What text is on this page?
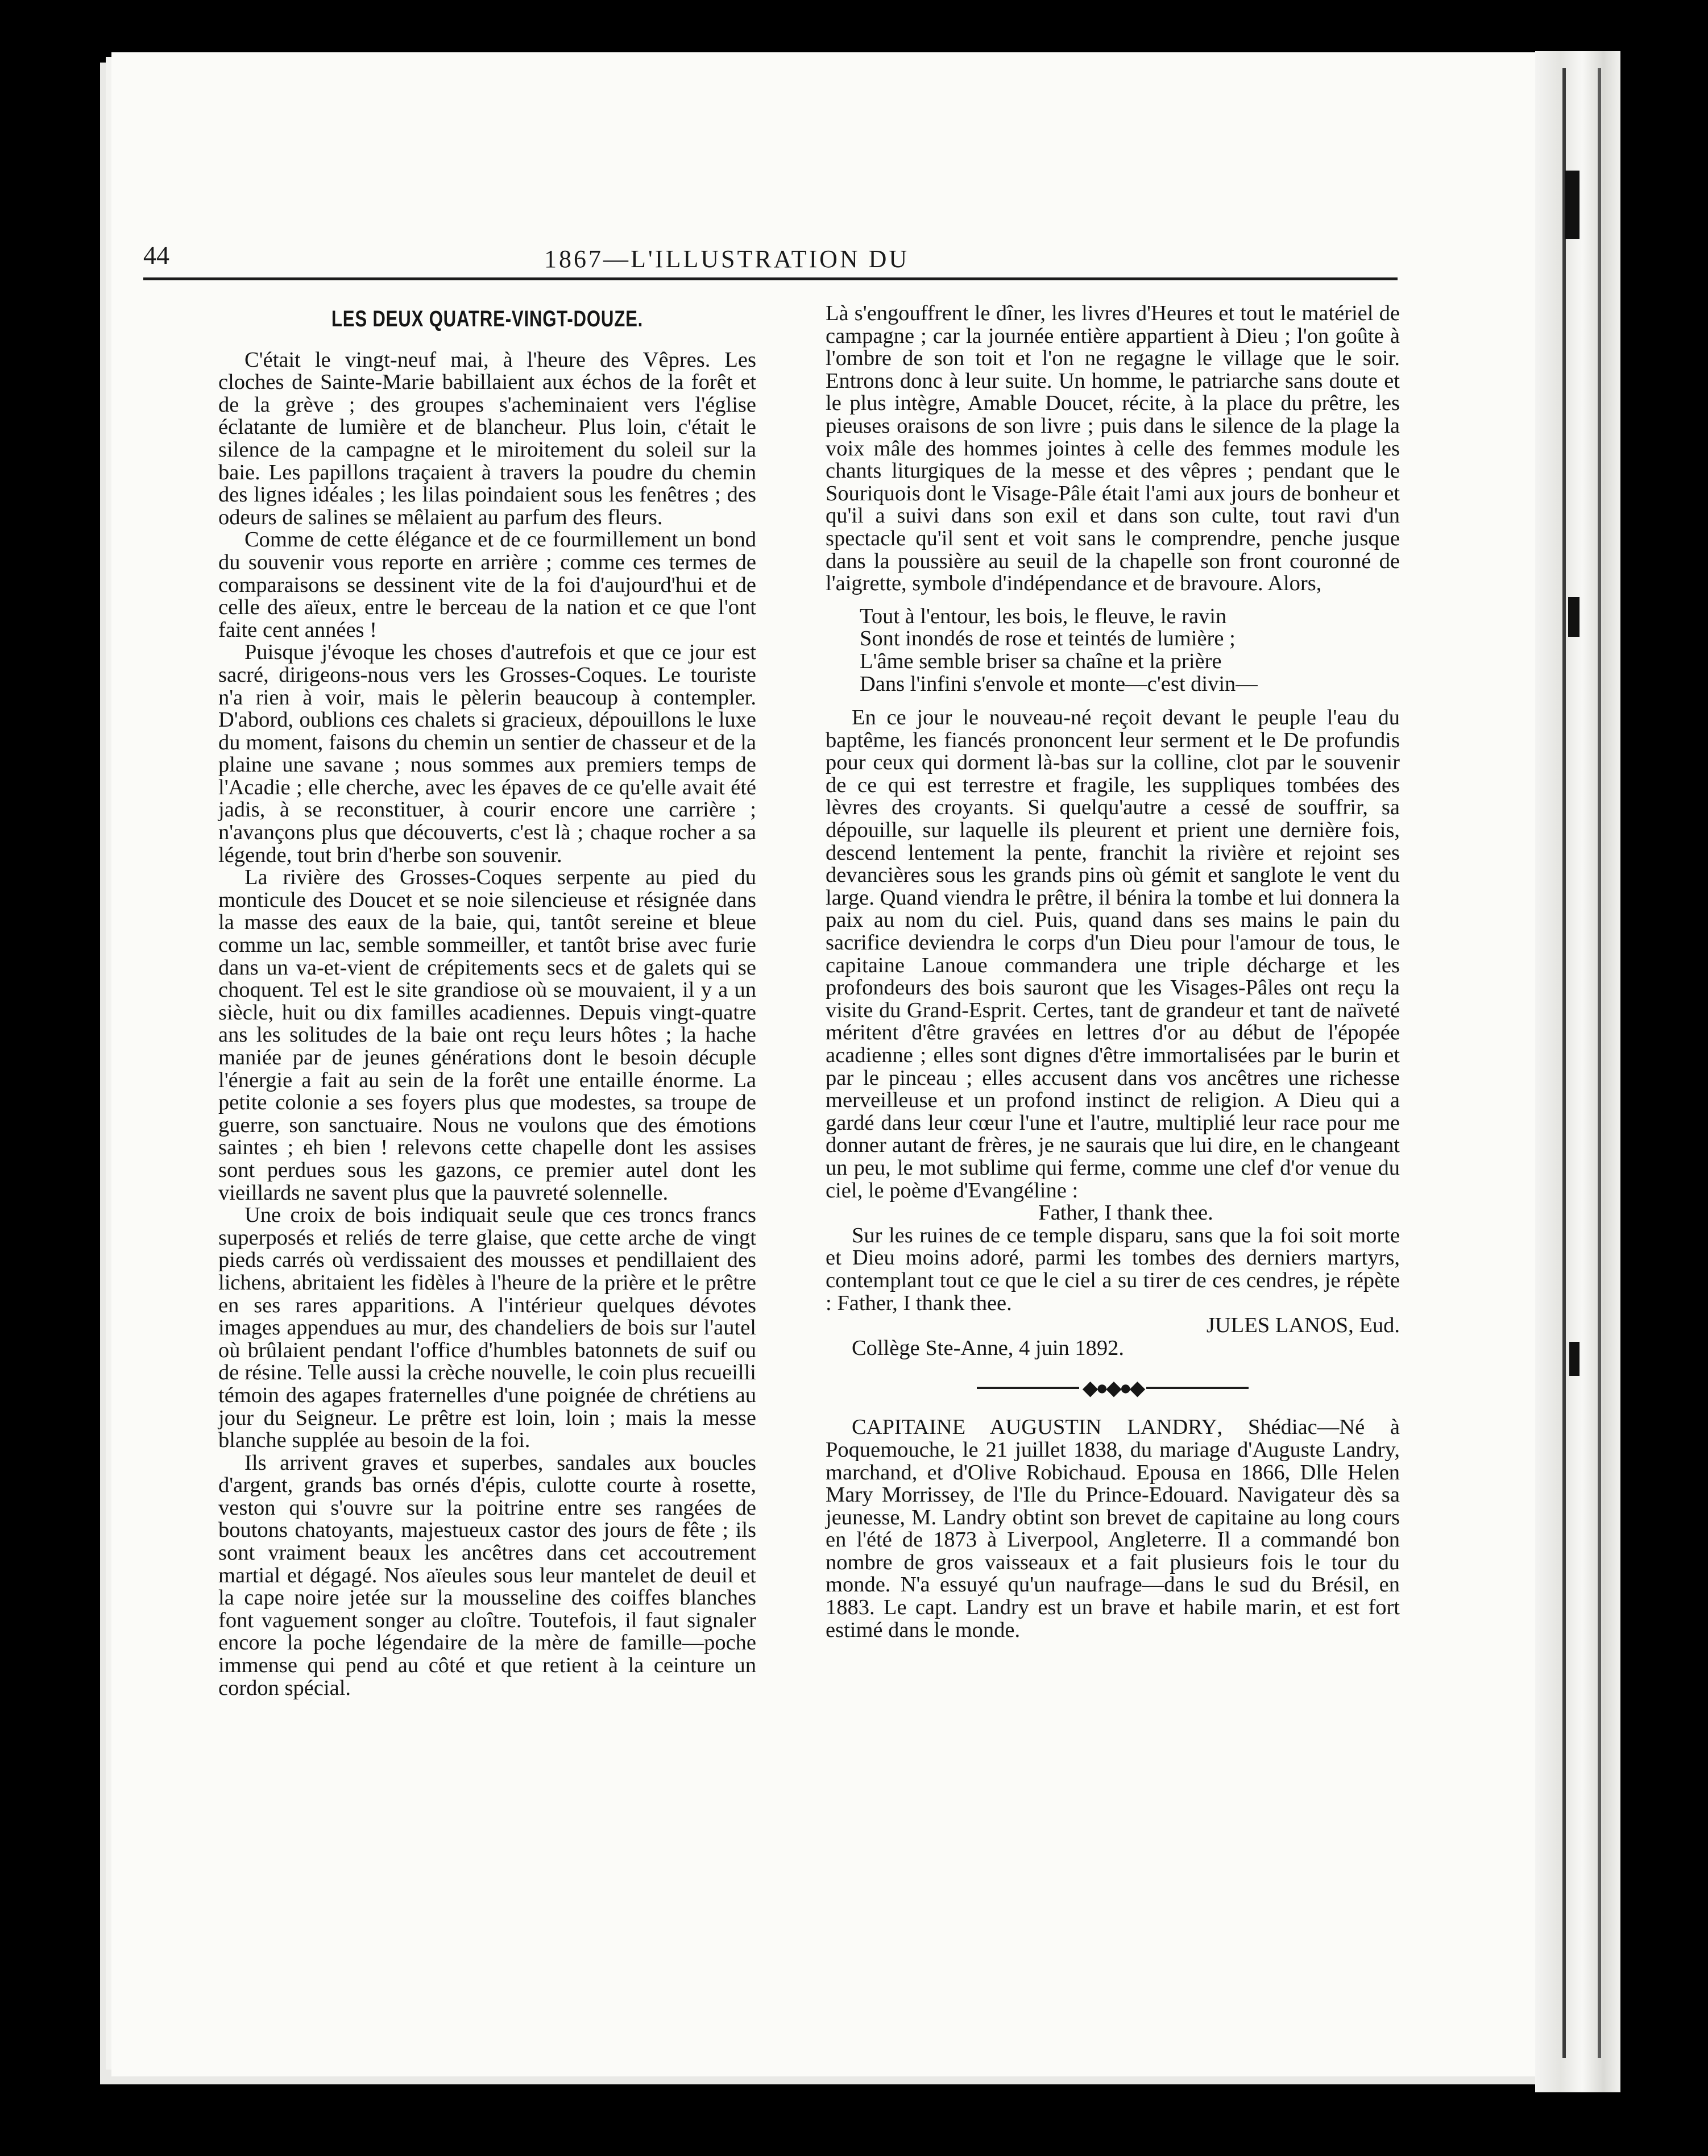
44	1867—L'ILLUSTRATION DU
LES DEUX QUATRE-VINGT-DOUZE.

C'était le vingt-neuf mai, à l'heure des Vêpres. Les cloches de Sainte-Marie babillaient aux échos de la forêt et de la grève ; des groupes s'acheminaient vers l'église éclatante de lumière et de blancheur. Plus loin, c'était le silence de la campagne et le miroitement du soleil sur la baie. Les papillons traçaient à travers la poudre du chemin des lignes idéales ; les lilas poindaient sous les fenêtres ; des odeurs de salines se mêlaient au parfum des fleurs.

Comme de cette élégance et de ce fourmillement un bond du souvenir vous reporte en arrière ; comme ces termes de comparaisons se dessinent vite de la foi d'aujourd'hui et de celle des aïeux, entre le berceau de la nation et ce que l'ont faite cent années !

Puisque j'évoque les choses d'autrefois et que ce jour est sacré, dirigeons-nous vers les Grosses-Coques. Le touriste n'a rien à voir, mais le pèlerin beaucoup à contempler. D'abord, oublions ces chalets si gracieux, dépouillons le luxe du moment, faisons du chemin un sentier de chasseur et de la plaine une savane ; nous sommes aux premiers temps de l'Acadie ; elle cherche, avec les épaves de ce qu'elle avait été jadis, à se reconstituer, à courir encore une carrière ; n'avançons plus que découverts, c'est là ; chaque rocher a sa légende, tout brin d'herbe son souvenir.

La rivière des Grosses-Coques serpente au pied du monticule des Doucet et se noie silencieuse et résignée dans la masse des eaux de la baie, qui, tantôt sereine et bleue comme un lac, semble sommeiller, et tantôt brise avec furie dans un va-et-vient de crépitements secs et de galets qui se choquent. Tel est le site grandiose où se mouvaient, il y a un siècle, huit ou dix familles acadiennes. Depuis vingt-quatre ans les solitudes de la baie ont reçu leurs hôtes ; la hache maniée par de jeunes générations dont le besoin décuple l'énergie a fait au sein de la forêt une entaille énorme. La petite colonie a ses foyers plus que modestes, sa troupe de guerre, son sanctuaire. Nous ne voulons que des émotions saintes ; eh bien ! relevons cette chapelle dont les assises sont perdues sous les gazons, ce premier autel dont les vieillards ne savent plus que la pauvreté solennelle.

Une croix de bois indiquait seule que ces troncs francs superposés et reliés de terre glaise, que cette arche de vingt pieds carrés où verdissaient des mousses et pendillaient des lichens, abritaient les fidèles à l'heure de la prière et le prêtre en ses rares apparitions. A l'intérieur quelques dévotes images appendues au mur, des chandeliers de bois sur l'autel où brûlaient pendant l'office d'humbles batonnets de suif ou de résine. Telle aussi la crèche nouvelle, le coin plus recueilli témoin des agapes fraternelles d'une poignée de chrétiens au jour du Seigneur. Le prêtre est loin, loin ; mais la messe blanche supplée au besoin de la foi.

Ils arrivent graves et superbes, sandales aux boucles d'argent, grands bas ornés d'épis, culotte courte à rosette, veston qui s'ouvre sur la poitrine entre ses rangées de boutons chatoyants, majestueux castor des jours de fête ; ils sont vraiment beaux les ancêtres dans cet accoutrement martial et dégagé. Nos aïeules sous leur mantelet de deuil et la cape noire jetée sur la mousseline des coiffes blanches font vaguement songer au cloître. Toutefois, il faut signaler encore la poche légendaire de la mère de famille—poche immense qui pend au côté et que retient à la ceinture un cordon spécial.

Là s'engouffrent le dîner, les livres d'Heures et tout le matériel de campagne ; car la journée entière appartient à Dieu ; l'on goûte à l'ombre de son toit et l'on ne regagne le village que le soir. Entrons donc à leur suite. Un homme, le patriarche sans doute et le plus intègre, Amable Doucet, récite, à la place du prêtre, les pieuses oraisons de son livre ; puis dans le silence de la plage la voix mâle des hommes jointes à celle des femmes module les chants liturgiques de la messe et des vêpres ; pendant que le Souriquois dont le Visage-Pâle était l'ami aux jours de bonheur et qu'il a suivi dans son exil et dans son culte, tout ravi d'un spectacle qu'il sent et voit sans le comprendre, penche jusque dans la poussière au seuil de la chapelle son front couronné de l'aigrette, symbole d'indépendance et de bravoure. Alors,

Tout à l'entour, les bois, le fleuve, le ravin
Sont inondés de rose et teintés de lumière ;
L'âme semble briser sa chaîne et la prière
Dans l'infini s'envole et monte—c'est divin—

En ce jour le nouveau-né reçoit devant le peuple l'eau du baptême, les fiancés prononcent leur serment et le De profundis pour ceux qui dorment là-bas sur la colline, clot par le souvenir de ce qui est terrestre et fragile, les suppliques tombées des lèvres des croyants. Si quelqu'autre a cessé de souffrir, sa dépouille, sur laquelle ils pleurent et prient une dernière fois, descend lentement la pente, franchit la rivière et rejoint ses devancières sous les grands pins où gémit et sanglote le vent du large. Quand viendra le prêtre, il bénira la tombe et lui donnera la paix au nom du ciel. Puis, quand dans ses mains le pain du sacrifice deviendra le corps d'un Dieu pour l'amour de tous, le capitaine Lanoue commandera une triple décharge et les profondeurs des bois sauront que les Visages-Pâles ont reçu la visite du Grand-Esprit. Certes, tant de grandeur et tant de naïveté méritent d'être gravées en lettres d'or au début de l'épopée acadienne ; elles sont dignes d'être immortalisées par le burin et par le pinceau ; elles accusent dans vos ancêtres une richesse merveilleuse et un profond instinct de religion. A Dieu qui a gardé dans leur cœur l'une et l'autre, multiplié leur race pour me donner autant de frères, je ne saurais que lui dire, en le changeant un peu, le mot sublime qui ferme, comme une clef d'or venue du ciel, le poème d'Evangéline :

Father, I thank thee.

Sur les ruines de ce temple disparu, sans que la foi soit morte et Dieu moins adoré, parmi les tombes des derniers martyrs, contemplant tout ce que le ciel a su tirer de ces cendres, je répète : Father, I thank thee.

JULES LANOS, Eud.

Collège Ste-Anne, 4 juin 1892.

◆●◆●◆

CAPITAINE AUGUSTIN LANDRY, Shédiac—Né à Poquemouche, le 21 juillet 1838, du mariage d'Auguste Landry, marchand, et d'Olive Robichaud. Epousa en 1866, Dlle Helen Mary Morrissey, de l'Ile du Prince-Edouard. Navigateur dès sa jeunesse, M. Landry obtint son brevet de capitaine au long cours en l'été de 1873 à Liverpool, Angleterre. Il a commandé bon nombre de gros vaisseaux et a fait plusieurs fois le tour du monde. N'a essuyé qu'un naufrage—dans le sud du Brésil, en 1883. Le capt. Landry est un brave et habile marin, et est fort estimé dans le monde.
